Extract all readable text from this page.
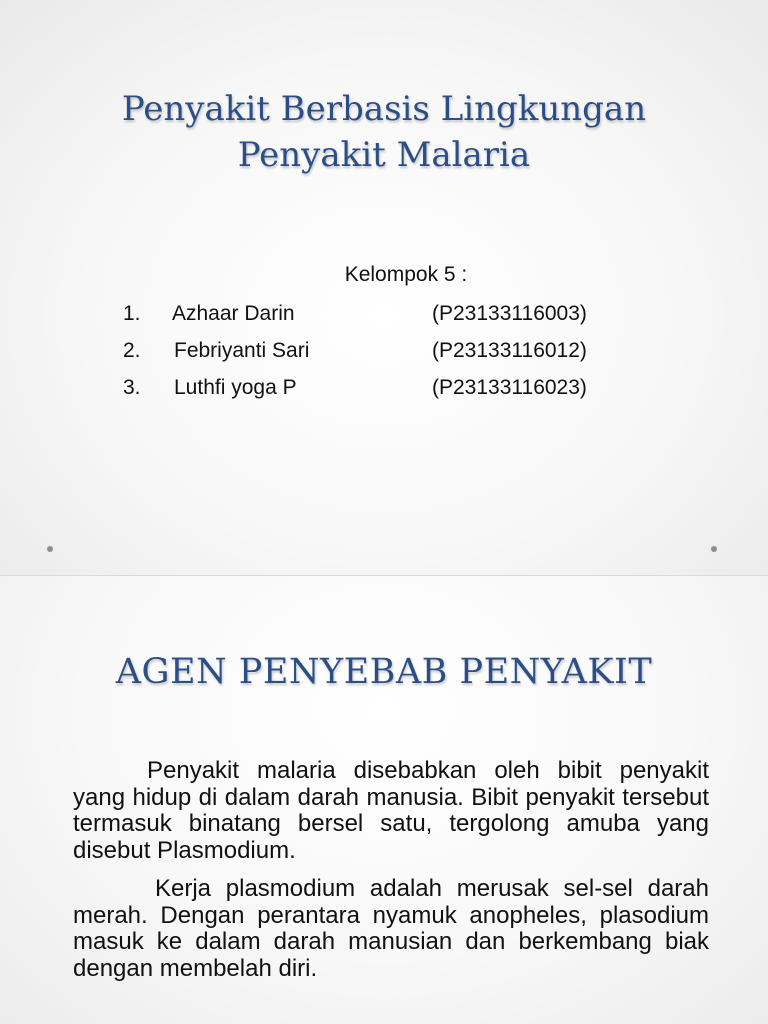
Penyakit Berbasis Lingkungan
Penyakit Malaria
Kelompok 5 :
1. Azhaar Darin	(P23133116003)
2. Febriyanti Sari	(P23133116012)
3. Luthfi yoga P	(P23133116023)
AGEN PENYEBAB PENYAKIT

Penyakit malaria disebabkan oleh bibit penyakit yang hidup di dalam darah manusia. Bibit penyakit tersebut termasuk binatang bersel satu, tergolong amuba yang disebut Plasmodium.

Kerja plasmodium adalah merusak sel-sel darah merah. Dengan perantara nyamuk anopheles, plasodium masuk ke dalam darah manusian dan berkembang biak dengan membelah diri.
